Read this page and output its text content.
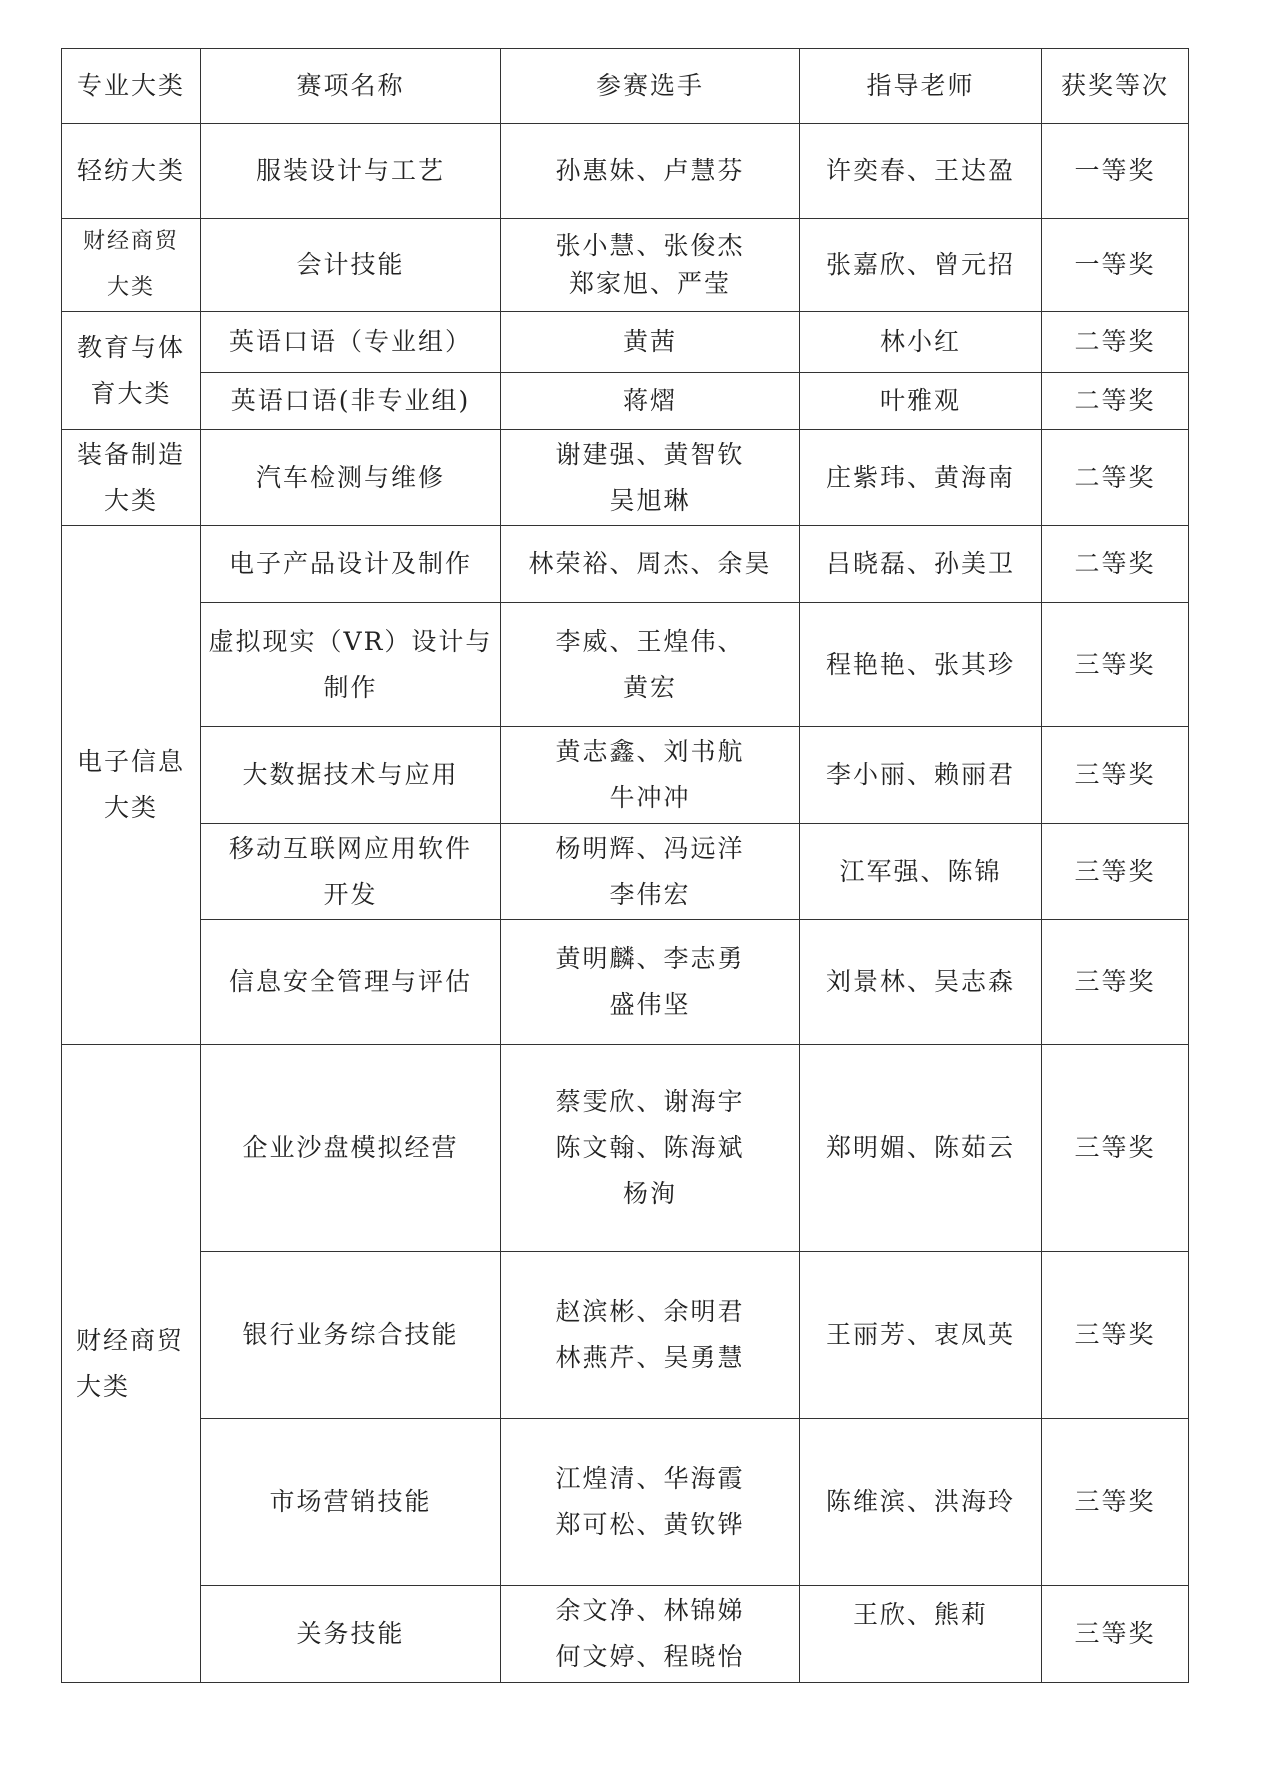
专业大类	赛项名称	参赛选手	指导老师	获奖等次

轻纺大类	服装设计与工艺	孙惠妹、卢慧芬	许奕春、王达盈	一等奖

财经商贸
大类	会计技能	张小慧、张俊杰
郑家旭、严莹	张嘉欣、曾元招	一等奖

教育与体
育大类	英语口语（专业组）	黄茜	林小红	二等奖

	英语口语(非专业组)	蒋熠	叶雅观	二等奖

装备制造
大类	汽车检测与维修	谢建强、黄智钦
吴旭琳	庄紫玮、黄海南	二等奖

电子信息
大类	电子产品设计及制作	林荣裕、周杰、余昊	吕晓磊、孙美卫	二等奖

	虚拟现实（VR）设计与
制作	李威、王煌伟、
黄宏	程艳艳、张其珍	三等奖

	大数据技术与应用	黄志鑫、刘书航
牛冲冲	李小丽、赖丽君	三等奖

	移动互联网应用软件
开发	杨明辉、冯远洋
李伟宏	江军强、陈锦	三等奖

	信息安全管理与评估	黄明麟、李志勇
盛伟坚	刘景林、吴志森	三等奖

财经商贸
大类	企业沙盘模拟经营	蔡雯欣、谢海宇
陈文翰、陈海斌
杨洵	郑明媚、陈茹云	三等奖

	银行业务综合技能	赵滨彬、余明君
林燕芹、吴勇慧	王丽芳、衷凤英	三等奖

	市场营销技能	江煌清、华海霞
郑可松、黄钦铧	陈维滨、洪海玲	三等奖

	关务技能	余文净、林锦娣
何文婷、程晓怡	王欣、熊莉	三等奖
